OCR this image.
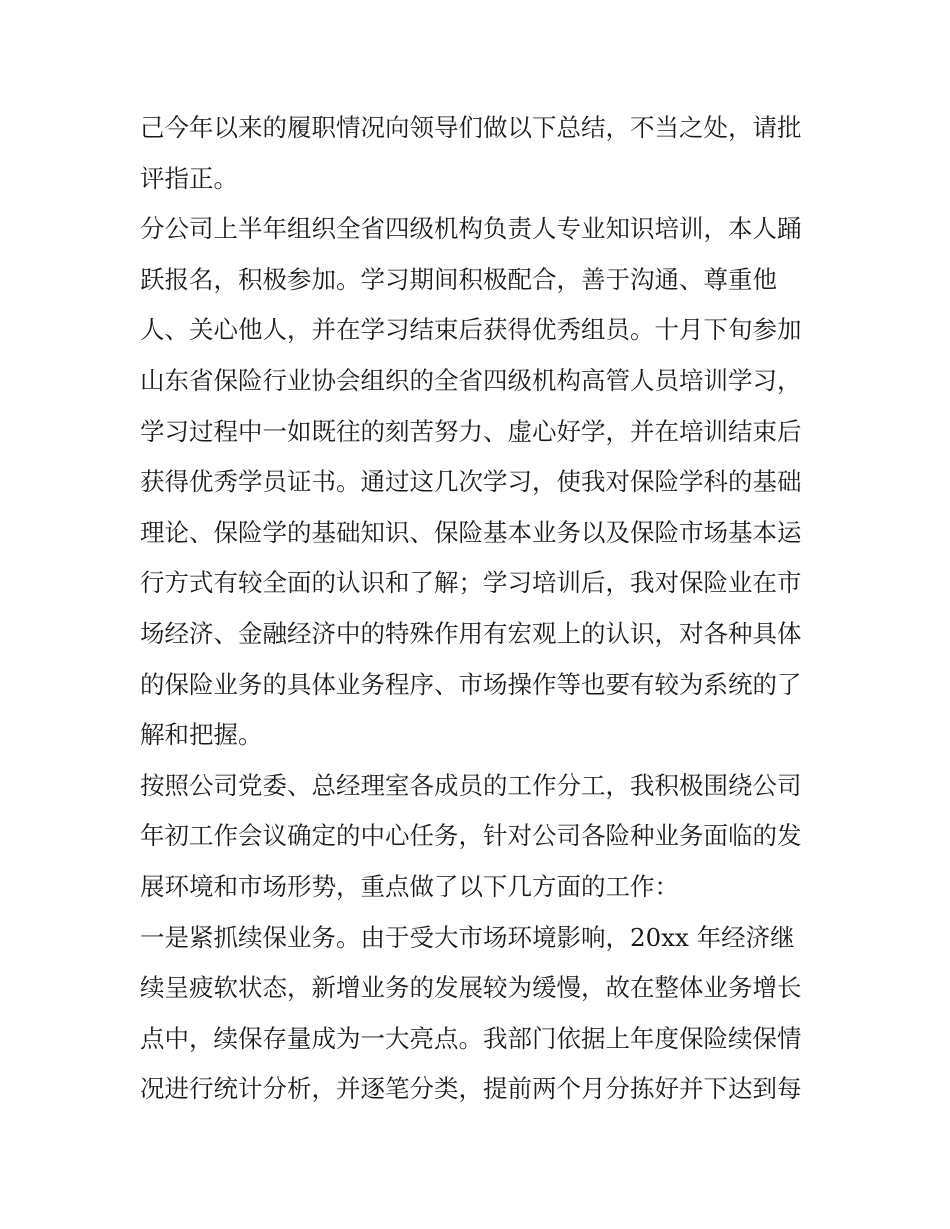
己今年以来的履职情况向领导们做以下总结，不当之处，请批
评指正。
分公司上半年组织全省四级机构负责人专业知识培训，本人踊
跃报名，积极参加。学习期间积极配合，善于沟通、尊重他
人、关心他人，并在学习结束后获得优秀组员。十月下旬参加
山东省保险行业协会组织的全省四级机构高管人员培训学习，
学习过程中一如既往的刻苦努力、虚心好学，并在培训结束后
获得优秀学员证书。通过这几次学习，使我对保险学科的基础
理论、保险学的基础知识、保险基本业务以及保险市场基本运
行方式有较全面的认识和了解；学习培训后，我对保险业在市
场经济、金融经济中的特殊作用有宏观上的认识，对各种具体
的保险业务的具体业务程序、市场操作等也要有较为系统的了
解和把握。
按照公司党委、总经理室各成员的工作分工，我积极围绕公司
年初工作会议确定的中心任务，针对公司各险种业务面临的发
展环境和市场形势，重点做了以下几方面的工作：
一是紧抓续保业务。由于受大市场环境影响，20xx 年经济继
续呈疲软状态，新增业务的发展较为缓慢，故在整体业务增长
点中，续保存量成为一大亮点。我部门依据上年度保险续保情
况进行统计分析，并逐笔分类，提前两个月分拣好并下达到每
